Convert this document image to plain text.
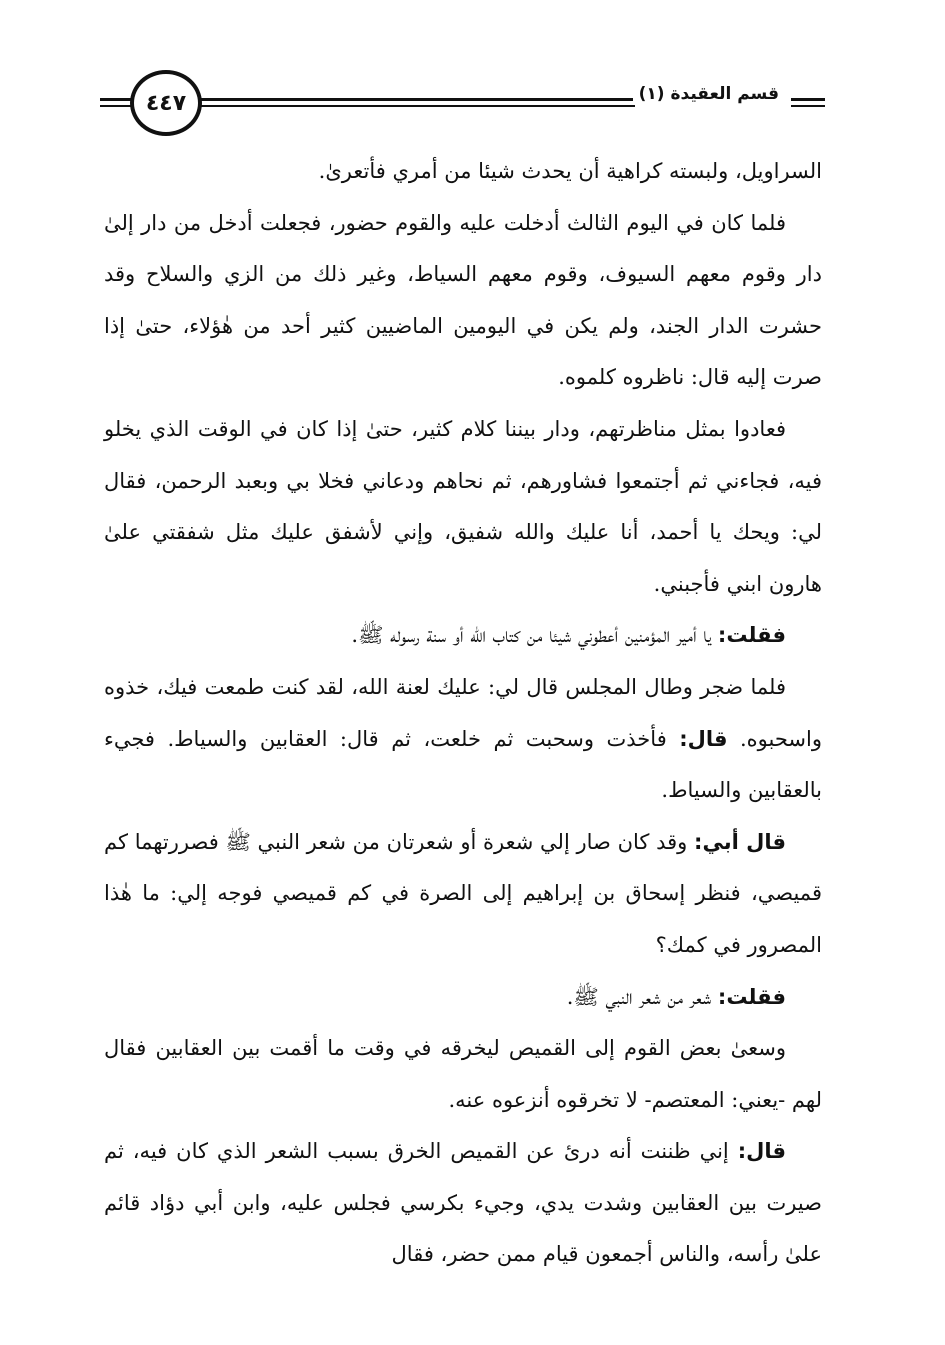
٤٤٧	قسم العقيدة (١)

السراويل، ولبسته كراهية أن يحدث شيئا من أمري فأتعرىٰ.

فلما كان في اليوم الثالث أدخلت عليه والقوم حضور، فجعلت أدخل من دار إلىٰ دار وقوم معهم السيوف، وقوم معهم السياط، وغير ذلك من الزي والسلاح وقد حشرت الدار الجند، ولم يكن في اليومين الماضيين كثير أحد من هٰؤلاء، حتىٰ إذا صرت إليه قال: ناظروه كلموه.

فعادوا بمثل مناظرتهم، ودار بيننا كلام كثير، حتىٰ إذا كان في الوقت الذي يخلو فيه، فجاءني ثم أجتمعوا فشاورهم، ثم نحاهم ودعاني فخلا بي وبعبد الرحمن، فقال لي: ويحك يا أحمد، أنا عليك والله شفيق، وإني لأشفق عليك مثل شفقتي علىٰ هارون ابني فأجبني.

فقلت: يا أمير المؤمنين أعطوني شيئا من كتاب الله أو سنة رسوله ﷺ.

فلما ضجر وطال المجلس قال لي: عليك لعنة الله، لقد كنت طمعت فيك، خذوه واسحبوه. قال: فأخذت وسحبت ثم خلعت، ثم قال: العقابين والسياط. فجيء بالعقابين والسياط.

قال أبي: وقد كان صار إلي شعرة أو شعرتان من شعر النبي ﷺ فصررتهما كم قميصي، فنظر إسحاق بن إبراهيم إلى الصرة في كم قميصي فوجه إلي: ما هٰذا المصرور في كمك؟

فقلت: شعر من شعر النبي ﷺ.

وسعىٰ بعض القوم إلى القميص ليخرقه في وقت ما أقمت بين العقابين فقال لهم -يعني: المعتصم- لا تخرقوه أنزعوه عنه.

قال: إني ظننت أنه درئ عن القميص الخرق بسبب الشعر الذي كان فيه، ثم صيرت بين العقابين وشدت يدي، وجيء بكرسي فجلس عليه، وابن أبي دؤاد قائم علىٰ رأسه، والناس أجمعون قيام ممن حضر، فقال
